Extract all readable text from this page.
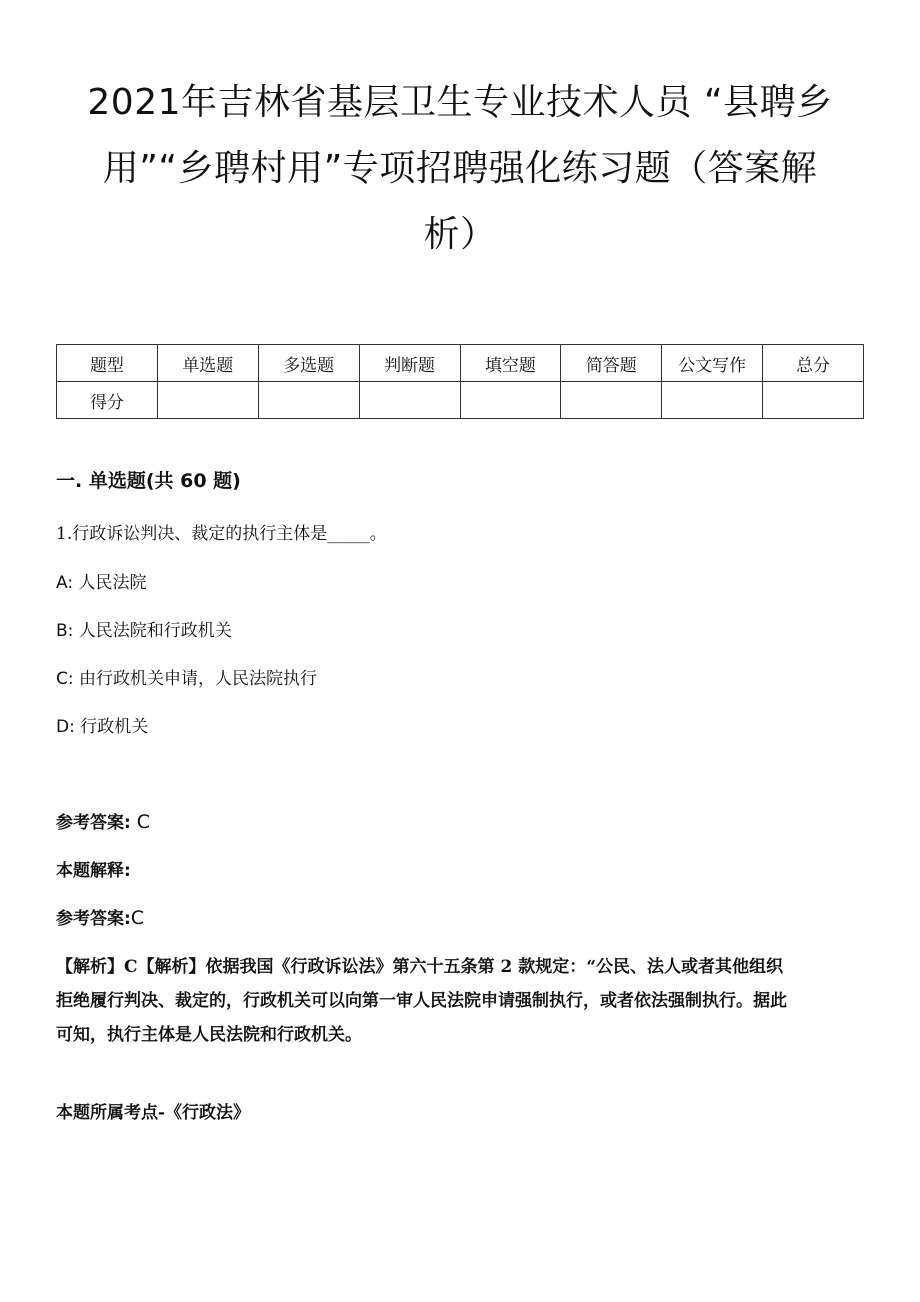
2021年吉林省基层卫生专业技术人员 “县聘乡
用”“乡聘村用”专项招聘强化练习题（答案解
析）
题型	单选题	多选题	判断题	填空题	简答题	公文写作	总分
得分							
一. 单选题(共 60 题)
1.行政诉讼判决、裁定的执行主体是_____。
A: 人民法院
B: 人民法院和行政机关
C: 由行政机关申请，人民法院执行
D: 行政机关
参考答案: C
本题解释:
参考答案:C
【解析】C【解析】依据我国《行政诉讼法》第六十五条第 2 款规定：“公民、法人或者其他组织
拒绝履行判决、裁定的，行政机关可以向第一审人民法院申请强制执行，或者依法强制执行。据此
可知，执行主体是人民法院和行政机关。
本题所属考点-《行政法》
